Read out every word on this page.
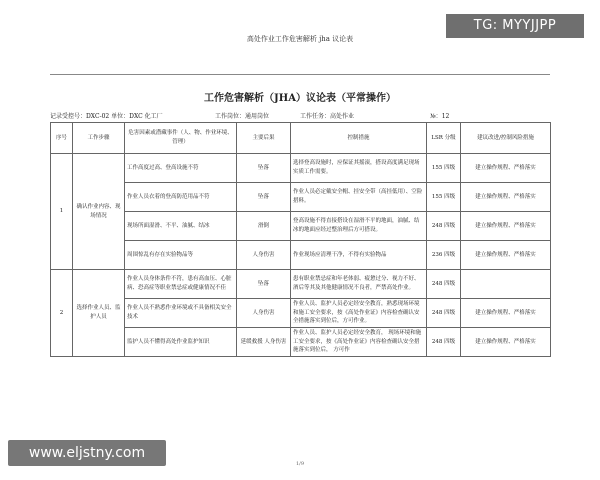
高处作业工作危害解析 jha 议论表
工作危害解析（JHA）议论表（平常操作）
记录受控号：DXC-02 单位：DXC 化工厂	工作岗位：通用岗位	工作任务：高处作业	№：12
序号	工作步骤	危害因素或潜藏事件（人、物、作业环境、管理）	主要后果	控制措施	LSR 分级	建议改进/控制风险措施
1	确认作业内容、现场情况	工作高度过高、登高设施不符	坠落	选择登高设施时，应保证其摇滚，搭设高度满足现场实质工作需要。	155 四级	建立操作规程、严格落实
		作业人员衣着的登高防范用品不符	坠落	作业人员必定戴安全帽、挂安全带（高挂低用）、空险措料。	155 四级	建立操作规程、严格落实
		现场所面湿滑、不平、油腻、结冰	滑倒	登高设施不得直接搭设在湿滑不平的地面，油腻、结冰的地面应经过整治理后方可搭设。	248 四级	建立操作规程、严格落实
		周围惊乱有存在实验物品等	人身伤害	作业现场应清理干净，不得有实验物品	236 四级	建立操作规程、严格落实
2	选择作业人员、监护人员	作业人员身体条件不符，患有高血压、心脏病、恐高症等职业禁忌症或健康情况不佳	坠落	患有职业禁忌症和年老体弱、疲惫过分、视力不好、酒后等其及其他健康情况不良者，严禁高处作业。	248 四级	
		作业人员不熟悉作业环境或不具备相关安全技术	人身伤害	作业人员、监护人员必定经安全教育，熟悉现场环境和施工安全要求，按《高处作业证》内容检查确认安全措施落实到位后，方可作业。	248 四级	建立操作规程、严格落实
		监护人员不懂得高处作业监护知识	延缓救援 人身伤害	作业人员、监护人员必定经安全教育， 现场环境和施工安全要求，按《高处作业证》内容检查确认安全措施落实到位后， 方可作	248 四级	建立操作规程、严格落实
1/9
TG: MYYJJPP
www.eljstny.com
